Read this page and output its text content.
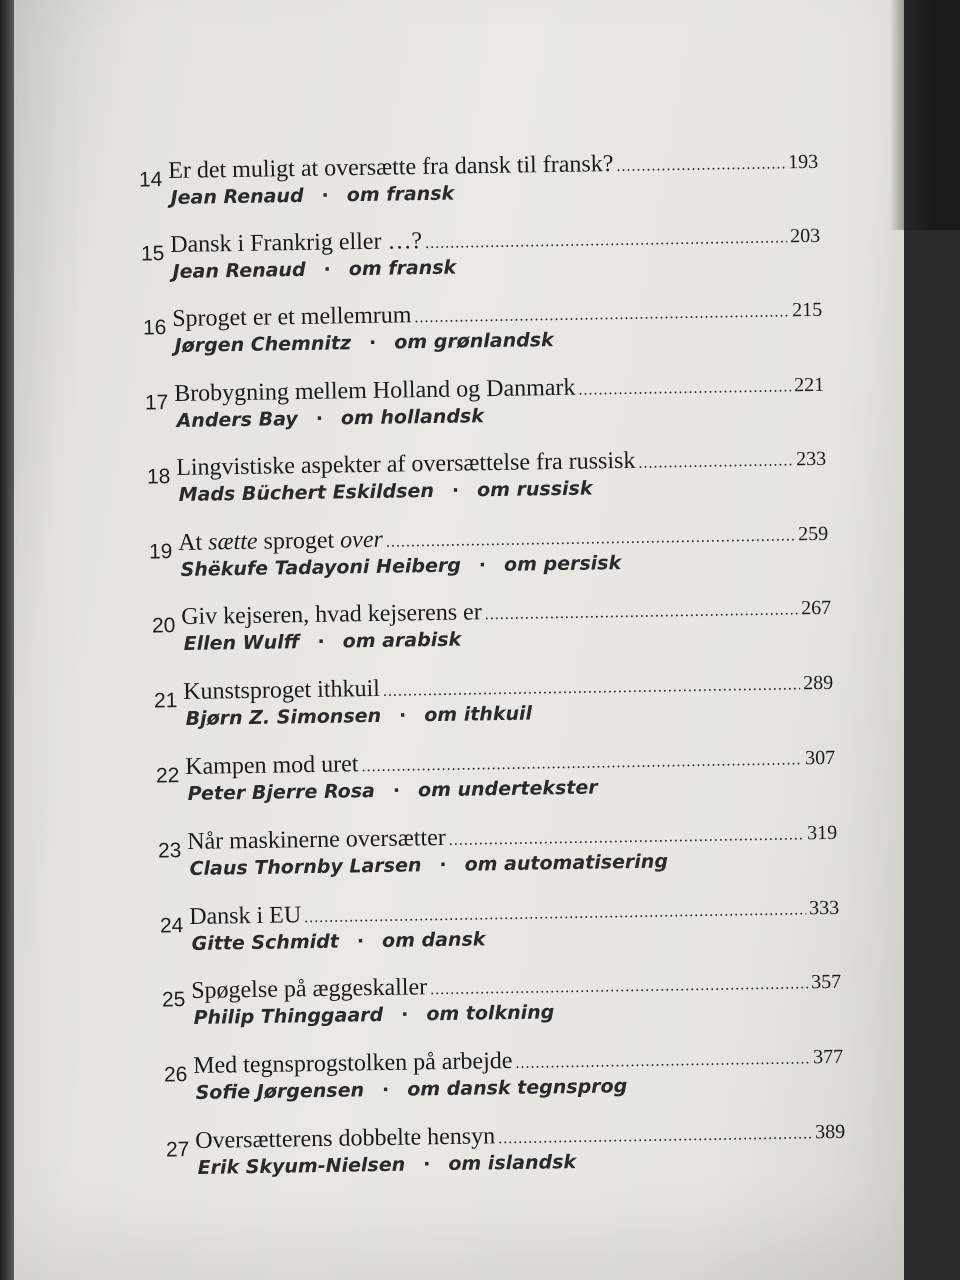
14 Er det muligt at oversætte fra dansk til fransk? .....	193
Jean Renaud · om fransk
15 Dansk i Frankrig eller …? .....	203
Jean Renaud · om fransk
16 Sproget er et mellemrum .....	215
Jørgen Chemnitz · om grønlandsk
17 Brobygning mellem Holland og Danmark .....	221
Anders Bay · om hollandsk
18 Lingvistiske aspekter af oversættelse fra russisk .....	233
Mads Büchert Eskildsen · om russisk
19 At sætte sproget over .....	259
Shëkufe Tadayoni Heiberg · om persisk
20 Giv kejseren, hvad kejserens er .....	267
Ellen Wulff · om arabisk
21 Kunstsproget ithkuil .....	289
Bjørn Z. Simonsen · om ithkuil
22 Kampen mod uret .....	307
Peter Bjerre Rosa · om undertekster
23 Når maskinerne oversætter .....	319
Claus Thornby Larsen · om automatisering
24 Dansk i EU .....	333
Gitte Schmidt · om dansk
25 Spøgelse på æggeskaller .....	357
Philip Thinggaard · om tolkning
26 Med tegnsprogstolken på arbejde .....	377
Sofie Jørgensen · om dansk tegnsprog
27 Oversætterens dobbelte hensyn .....	389
Erik Skyum-Nielsen · om islandsk
